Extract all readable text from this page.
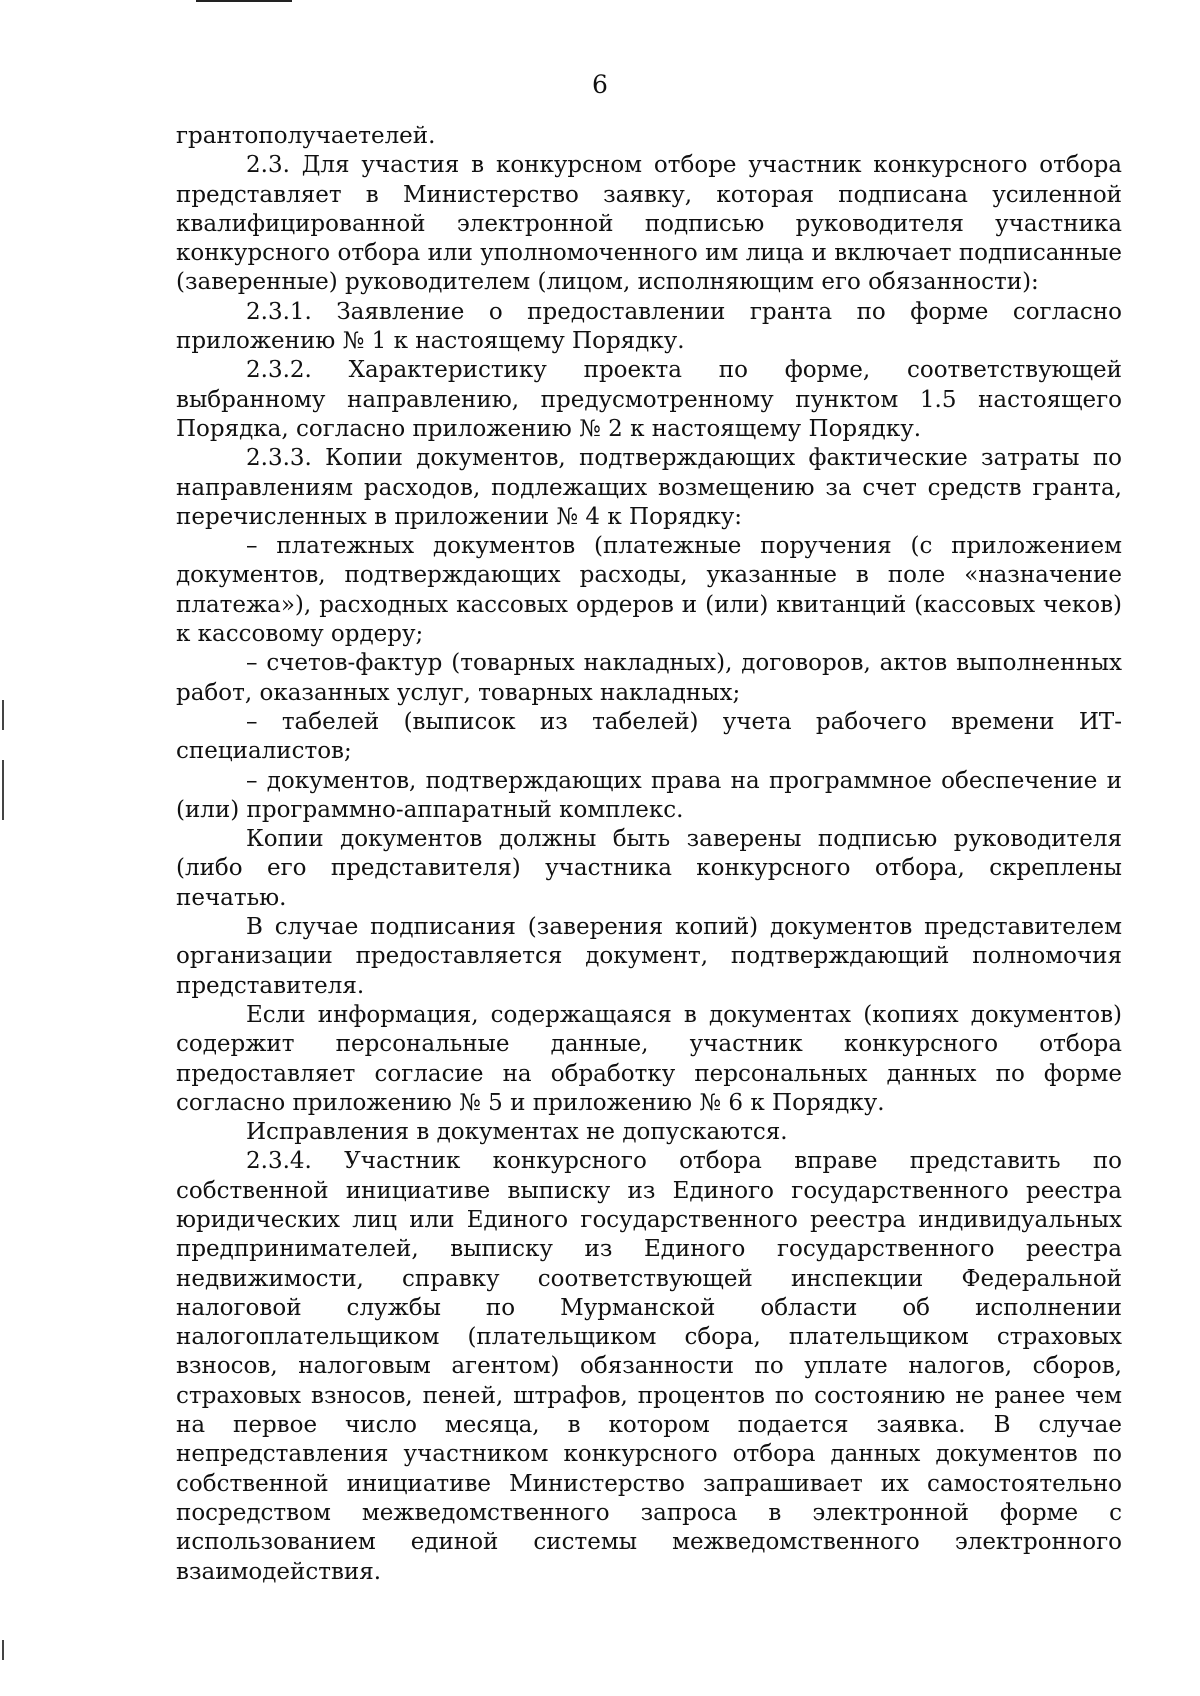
6

грантополучаетелей.

2.3. Для участия в конкурсном отборе участник конкурсного отбора представляет в Министерство заявку, которая подписана усиленной квалифицированной электронной подписью руководителя участника конкурсного отбора или уполномоченного им лица и включает подписанные (заверенные) руководителем (лицом, исполняющим его обязанности):

2.3.1. Заявление о предоставлении гранта по форме согласно приложению № 1 к настоящему Порядку.

2.3.2. Характеристику проекта по форме, соответствующей выбранному направлению, предусмотренному пунктом 1.5 настоящего Порядка, согласно приложению № 2 к настоящему Порядку.

2.3.3. Копии документов, подтверждающих фактические затраты по направлениям расходов, подлежащих возмещению за счет средств гранта, перечисленных в приложении № 4 к Порядку:

– платежных документов (платежные поручения (с приложением документов, подтверждающих расходы, указанные в поле «назначение платежа»), расходных кассовых ордеров и (или) квитанций (кассовых чеков) к кассовому ордеру;

– счетов-фактур (товарных накладных), договоров, актов выполненных работ, оказанных услуг, товарных накладных;

– табелей (выписок из табелей) учета рабочего времени ИТ-специалистов;

– документов, подтверждающих права на программное обеспечение и (или) программно-аппаратный комплекс.

Копии документов должны быть заверены подписью руководителя (либо его представителя) участника конкурсного отбора, скреплены печатью.

В случае подписания (заверения копий) документов представителем организации предоставляется документ, подтверждающий полномочия представителя.

Если информация, содержащаяся в документах (копиях документов) содержит персональные данные, участник конкурсного отбора предоставляет согласие на обработку персональных данных по форме согласно приложению № 5 и приложению № 6 к Порядку.

Исправления в документах не допускаются.

2.3.4. Участник конкурсного отбора вправе представить по собственной инициативе выписку из Единого государственного реестра юридических лиц или Единого государственного реестра индивидуальных предпринимателей, выписку из Единого государственного реестра недвижимости, справку соответствующей инспекции Федеральной налоговой службы по Мурманской области об исполнении налогоплательщиком (плательщиком сбора, плательщиком страховых взносов, налоговым агентом) обязанности по уплате налогов, сборов, страховых взносов, пеней, штрафов, процентов по состоянию не ранее чем на первое число месяца, в котором подается заявка. В случае непредставления участником конкурсного отбора данных документов по собственной инициативе Министерство запрашивает их самостоятельно посредством межведомственного запроса в электронной форме с использованием единой системы межведомственного электронного взаимодействия.
